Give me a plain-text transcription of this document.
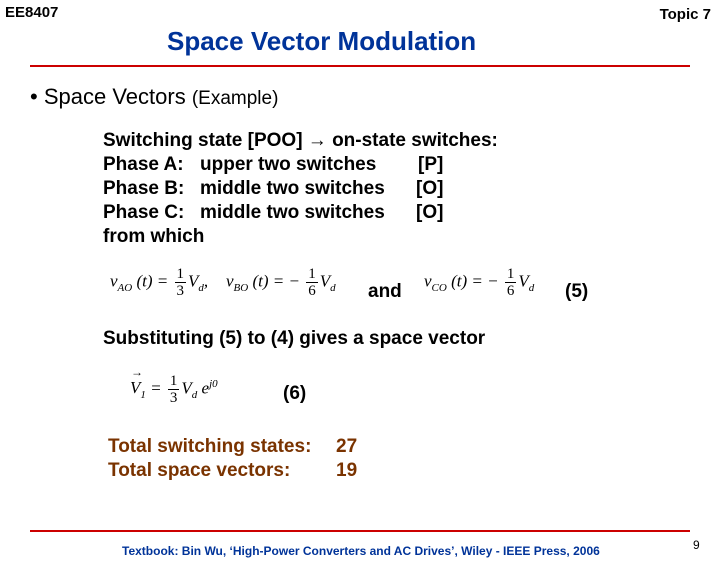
EE8407	Topic 7
Space Vector Modulation
• Space Vectors (Example)
Switching state [POO] → on-state switches:
Phase A: upper two switches [P]
Phase B: middle two switches [O]
Phase C: middle two switches [O]
from which
$v_{AO}$ $(t) = \frac{1}{3} V_d$, $v_{BO}$ (t) = − $\frac{1}{6} V_d$ and
$v_{CO}$ (t) = − $\frac{1}{6} V_d$ (5)
Substituting (5) to (4) gives a space vector
→
$V_1 = \frac{1}{3} V_d$ $e^{j0}$	(6)
Total switching states: 27
Total space vectors: 19
Textbook: Bin Wu, ‘High-Power Converters and AC Drives’, Wiley - IEEE Press, 2006	9
